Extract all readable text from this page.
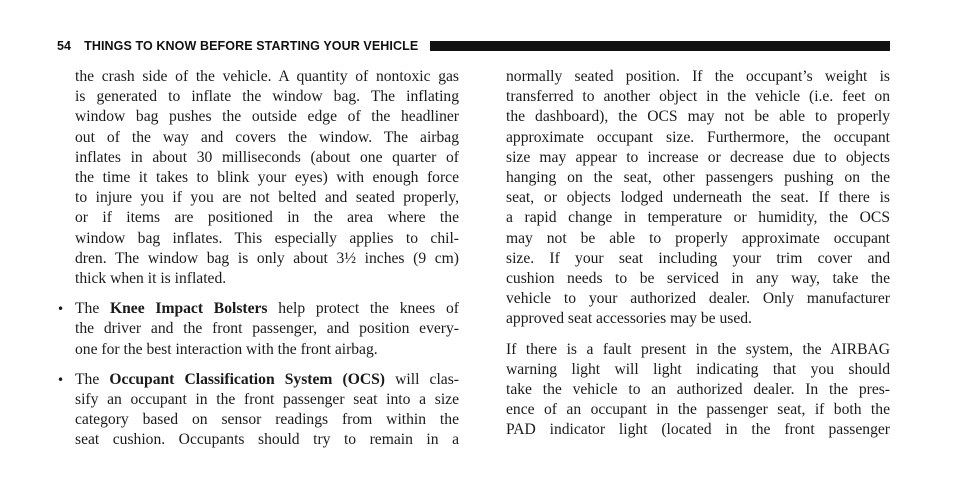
54 THINGS TO KNOW BEFORE STARTING YOUR VEHICLE

the crash side of the vehicle. A quantity of nontoxic gas
is generated to inflate the window bag. The inflating
window bag pushes the outside edge of the headliner
out of the way and covers the window. The airbag
inflates in about 30 milliseconds (about one quarter of
the time it takes to blink your eyes) with enough force
to injure you if you are not belted and seated properly,
or if items are positioned in the area where the
window bag inflates. This especially applies to chil-
dren. The window bag is only about 3½ inches (9 cm)
thick when it is inflated.

• The Knee Impact Bolsters help protect the knees of
the driver and the front passenger, and position every-
one for the best interaction with the front airbag.
• The Occupant Classification System (OCS) will clas-
sify an occupant in the front passenger seat into a size
category based on sensor readings from within the
seat cushion. Occupants should try to remain in a

normally seated position. If the occupant’s weight is
transferred to another object in the vehicle (i.e. feet on
the dashboard), the OCS may not be able to properly
approximate occupant size. Furthermore, the occupant
size may appear to increase or decrease due to objects
hanging on the seat, other passengers pushing on the
seat, or objects lodged underneath the seat. If there is
a rapid change in temperature or humidity, the OCS
may not be able to properly approximate occupant
size. If your seat including your trim cover and
cushion needs to be serviced in any way, take the
vehicle to your authorized dealer. Only manufacturer
approved seat accessories may be used.

If there is a fault present in the system, the AIRBAG
warning light will light indicating that you should
take the vehicle to an authorized dealer. In the pres-
ence of an occupant in the passenger seat, if both the
PAD indicator light (located in the front passenger
